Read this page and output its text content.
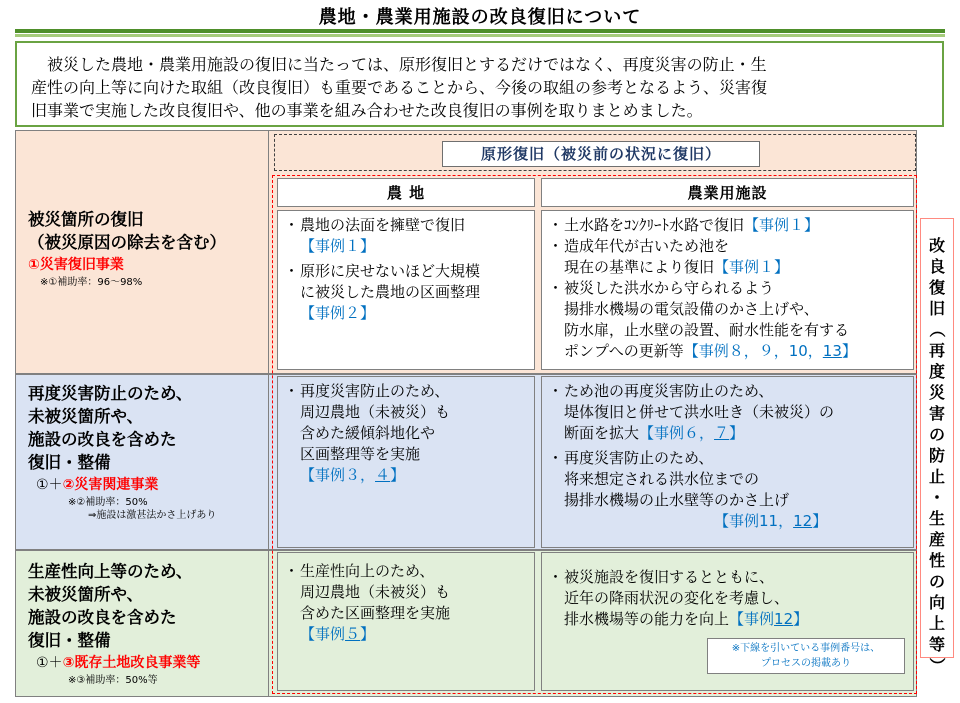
農地・農業用施設の改良復旧について
　被災した農地・農業用施設の復旧に当たっては、原形復旧とするだけではなく、再度災害の防止・生
産性の向上等に向けた取組（改良復旧）も重要であることから、今後の取組の参考となるよう、災害復
旧事業で実施した改良復旧や、他の事業を組み合わせた改良復旧の事例を取りまとめました。
被災箇所の復旧
（被災原因の除去を含む）
①災害復旧事業
※①補助率：96～98%
再度災害防止のため、
未被災箇所や、
施設の改良を含めた
復旧・整備
①＋②災害関連事業
※②補助率：50%
⇒施設は激甚法かさ上げあり
生産性向上等のため、
未被災箇所や、
施設の改良を含めた
復旧・整備
①＋③既存土地改良事業等
※③補助率：50%等
原形復旧（被災前の状況に復旧）
農 地	農業用施設
・ 農地の法面を擁壁で復旧
【事例１】
・ 原形に戻せないほど大規模
に被災した農地の区画整理
【事例２】
・ 土水路をｺﾝｸﾘｰﾄ水路で復旧【事例１】
・ 造成年代が古いため池を
現在の基準により復旧【事例１】
・ 被災した洪水から守られるよう
揚排水機場の電気設備のかさ上げや、
防水扉，止水壁の設置、耐水性能を有する
ポンプへの更新等【事例８，９，10，13】
・ 再度災害防止のため、
周辺農地（未被災）も
含めた緩傾斜地化や
区画整理等を実施
【事例３，４】
・ ため池の再度災害防止のため、
堤体復旧と併せて洪水吐き（未被災）の
断面を拡大【事例６，７】
・ 再度災害防止のため、
将来想定される洪水位までの
揚排水機場の止水壁等のかさ上げ
【事例11，12】
・ 生産性向上のため、
周辺農地（未被災）も
含めた区画整理を実施
【事例５】
・ 被災施設を復旧するとともに、
近年の降雨状況の変化を考慮し、
排水機場等の能力を向上【事例12】
※下線を引いている事例番号は、
プロセスの掲載あり
改
良
復
旧
（
再
度
災
害
の
防
止
・
生
産
性
の
向
上
等
）
